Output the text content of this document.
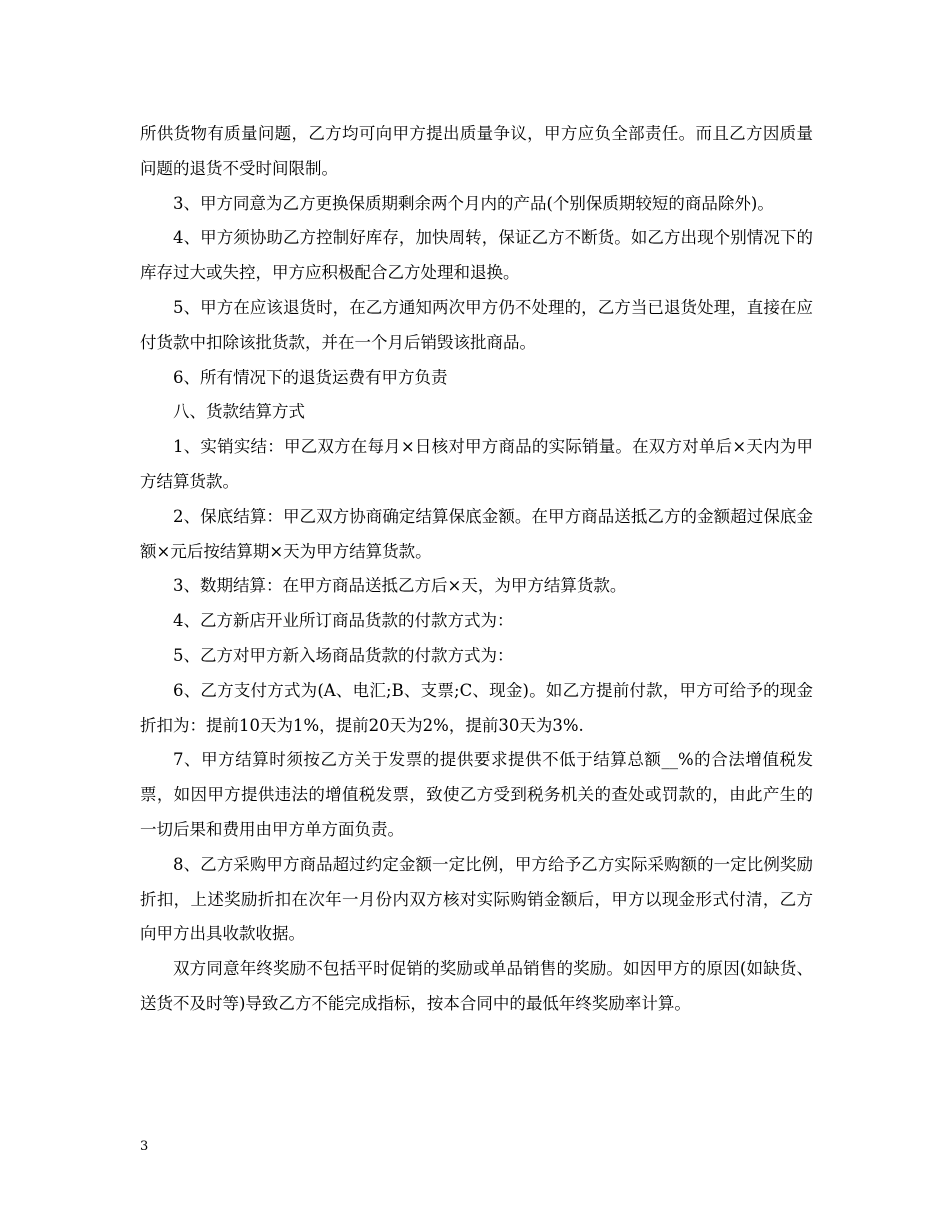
所供货物有质量问题，乙方均可向甲方提出质量争议，甲方应负全部责任。而且乙方因质量问题的退货不受时间限制。

3、甲方同意为乙方更换保质期剩余两个月内的产品(个别保质期较短的商品除外)。

4、甲方须协助乙方控制好库存，加快周转，保证乙方不断货。如乙方出现个别情况下的库存过大或失控，甲方应积极配合乙方处理和退换。

5、甲方在应该退货时，在乙方通知两次甲方仍不处理的，乙方当已退货处理，直接在应付货款中扣除该批货款，并在一个月后销毁该批商品。

6、所有情况下的退货运费有甲方负责

八、货款结算方式

1、实销实结：甲乙双方在每月×日核对甲方商品的实际销量。在双方对单后×天内为甲方结算货款。

2、保底结算：甲乙双方协商确定结算保底金额。在甲方商品送抵乙方的金额超过保底金额×元后按结算期×天为甲方结算货款。

3、数期结算：在甲方商品送抵乙方后×天，为甲方结算货款。

4、乙方新店开业所订商品货款的付款方式为：

5、乙方对甲方新入场商品货款的付款方式为：

6、乙方支付方式为(A、电汇;B、支票;C、现金)。如乙方提前付款，甲方可给予的现金折扣为：提前10天为1%，提前20天为2%，提前30天为3%.

7、甲方结算时须按乙方关于发票的提供要求提供不低于结算总额__%的合法增值税发票，如因甲方提供违法的增值税发票，致使乙方受到税务机关的查处或罚款的，由此产生的一切后果和费用由甲方单方面负责。

8、乙方采购甲方商品超过约定金额一定比例，甲方给予乙方实际采购额的一定比例奖励折扣，上述奖励折扣在次年一月份内双方核对实际购销金额后，甲方以现金形式付清，乙方向甲方出具收款收据。

双方同意年终奖励不包括平时促销的奖励或单品销售的奖励。如因甲方的原因(如缺货、送货不及时等)导致乙方不能完成指标，按本合同中的最低年终奖励率计算。

3
